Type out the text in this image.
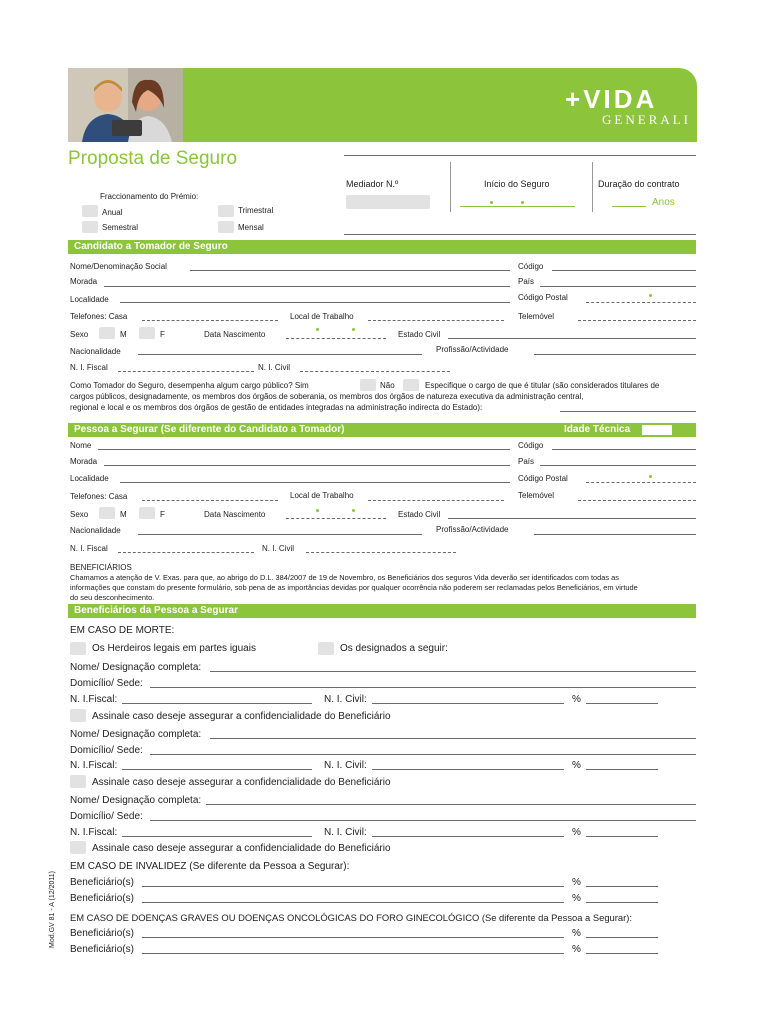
+VIDA
GENERALI
Proposta de Seguro
Mediador N.º	Início do Seguro	Duração do contrato
Anos
Fraccionamento do Prémio:
Anual	Trimestral
Semestral	Mensal
Candidato a Tomador de Seguro
Nome/Denominação Social	Código
Morada	País
Localidade	Código Postal
Telefones: Casa	Local de Trabalho	Telemóvel
Sexo	M	F	Data Nascimento	Estado Civil
Nacionalidade	Profissão/Actividade
N. I. Fiscal	N. I. Civil
Como Tomador do Seguro, desempenha algum cargo público? Sim	Não	Especifique o cargo de que é titular (são considerados titulares de
cargos públicos, designadamente, os membros dos órgãos de soberania, os membros dos órgãos de natureza executiva da administração central,
regional e local e os membros dos órgãos de gestão de entidades integradas na administração indirecta do Estado):
Pessoa a Segurar (Se diferente do Candidato a Tomador)	Idade Técnica
Nome	Código
Morada	País
Localidade	Código Postal
Telefones: Casa	Local de Trabalho	Telemóvel
Sexo	M	F	Data Nascimento	Estado Civil
Nacionalidade	Profissão/Actividade
N. I. Fiscal	N. I. Civil
BENEFICIÁRIOS
Chamamos a atenção de V. Exas. para que, ao abrigo do D.L. 384/2007 de 19 de Novembro, os Beneficiários dos seguros Vida deverão ser identificados com todas as
informações que constam do presente formulário, sob pena de as importâncias devidas por qualquer ocorrência não poderem ser reclamadas pelos Beneficiários, em virtude
do seu desconhecimento.
Beneficiários da Pessoa a Segurar
EM CASO DE MORTE:
Os Herdeiros legais em partes iguais	Os designados a seguir:
Nome/ Designação completa:
Domicílio/ Sede:
N. I.Fiscal:	N. I. Civil:	%
Assinale caso deseje assegurar a confidencialidade do Beneficiário
Nome/ Designação completa:
Domicílio/ Sede:
N. I.Fiscal:	N. I. Civil:	%
Assinale caso deseje assegurar a confidencialidade do Beneficiário
Nome/ Designação completa:
Domicílio/ Sede:
N. I.Fiscal:	N. I. Civil:	%
Assinale caso deseje assegurar a confidencialidade do Beneficiário
EM CASO DE INVALIDEZ (Se diferente da Pessoa a Segurar):
Beneficiário(s)	%
Beneficiário(s)	%
EM CASO DE DOENÇAS GRAVES OU DOENÇAS ONCOLÓGICAS DO FORO GINECOLÓGICO (Se diferente da Pessoa a Segurar):
Beneficiário(s)	%
Beneficiário(s)	%
Mod.GV 81 - A (12/2011)
